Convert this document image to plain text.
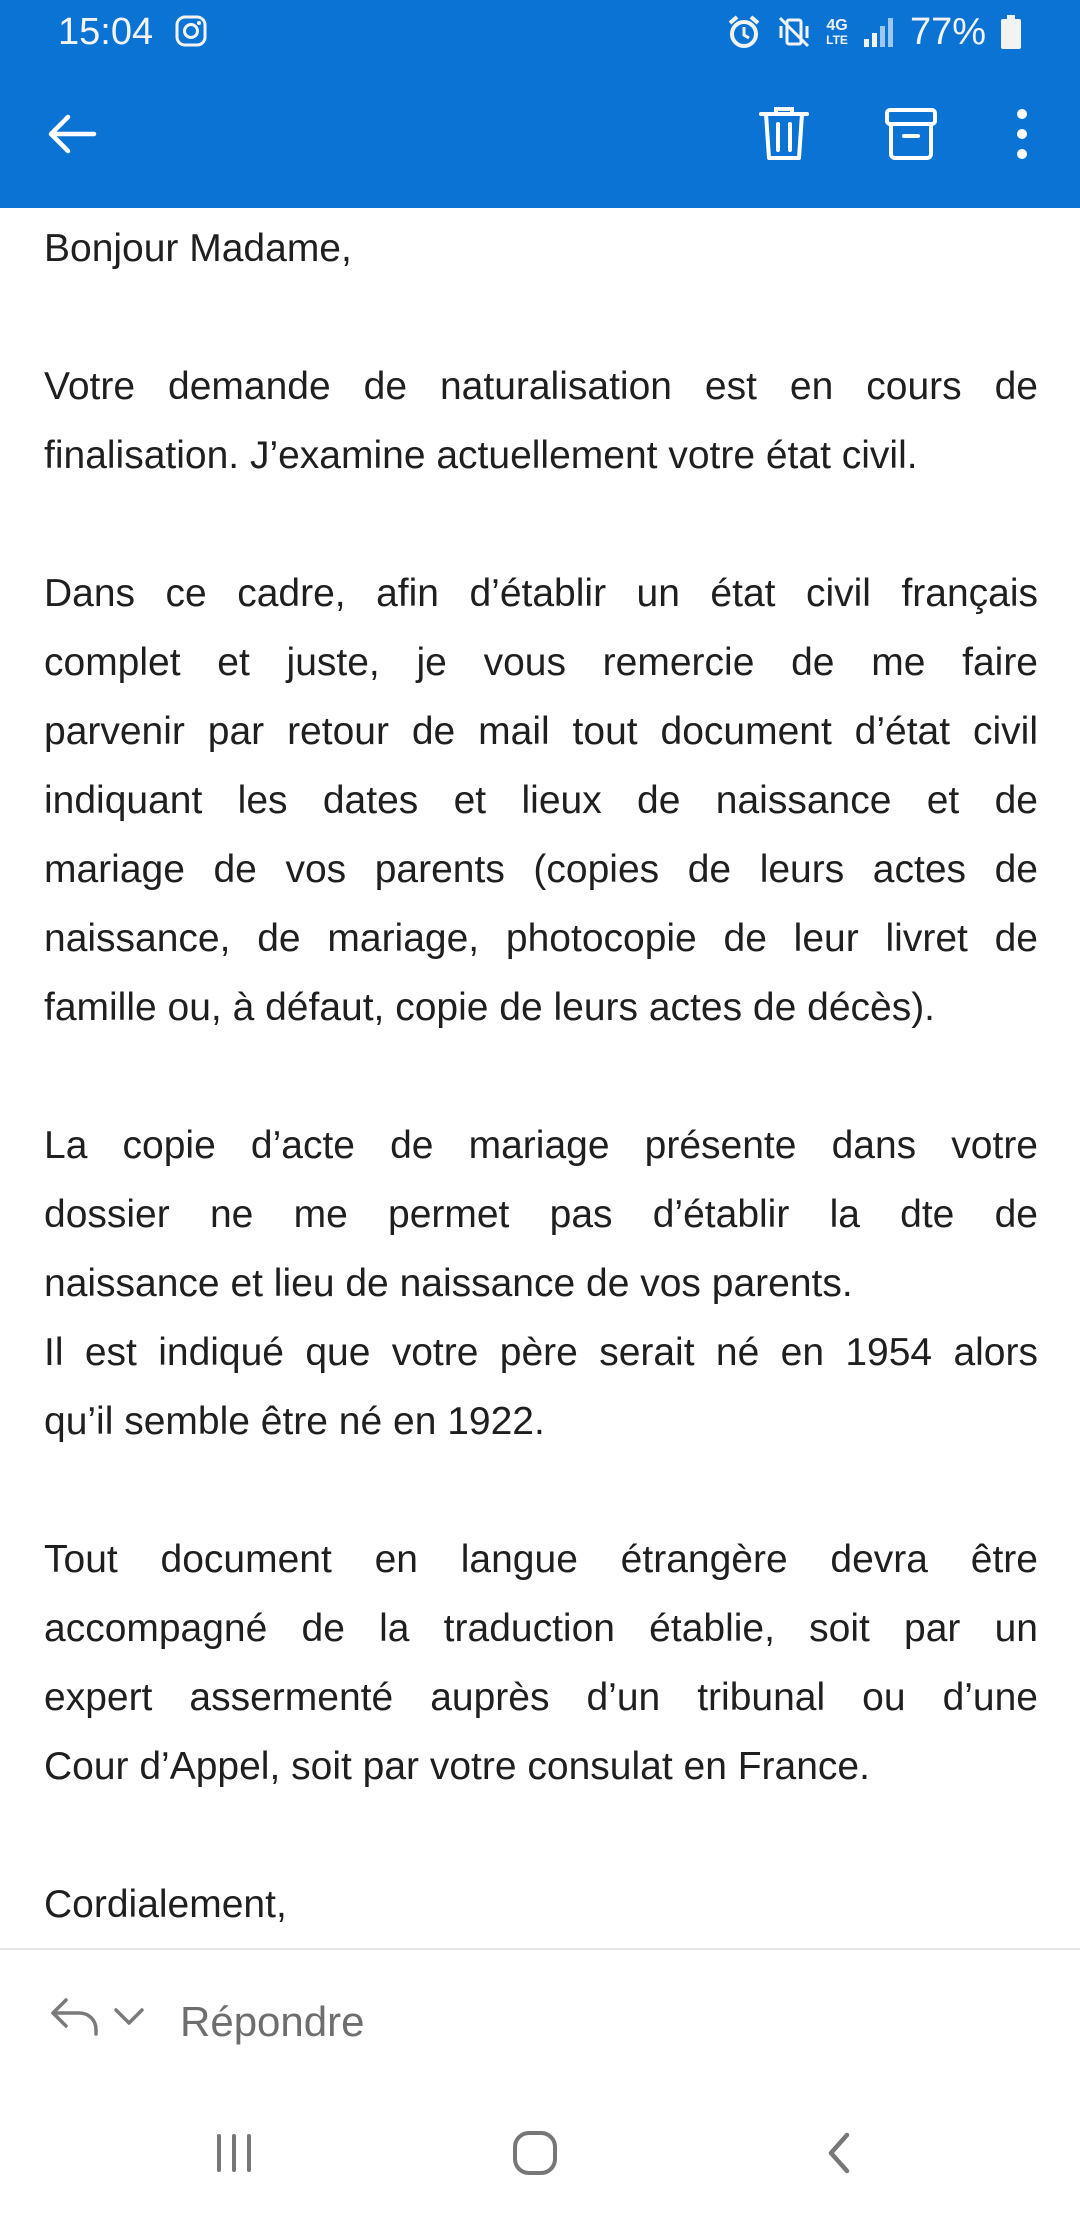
15:04	4G
LTE 77%

Bonjour Madame,

Votre demande de naturalisation est en cours de
finalisation. J’examine actuellement votre état civil.

Dans ce cadre, afin d’établir un état civil français
complet et juste, je vous remercie de me faire
parvenir par retour de mail tout document d’état civil
indiquant les dates et lieux de naissance et de
mariage de vos parents (copies de leurs actes de
naissance, de mariage, photocopie de leur livret de
famille ou, à défaut, copie de leurs actes de décès).

La copie d’acte de mariage présente dans votre
dossier ne me permet pas d’établir la dte de
naissance et lieu de naissance de vos parents.
Il est indiqué que votre père serait né en 1954 alors
qu’il semble être né en 1922.

Tout document en langue étrangère devra être
accompagné de la traduction établie, soit par un
expert assermenté auprès d’un tribunal ou d’une
Cour d’Appel, soit par votre consulat en France.

Cordialement,

Répondre
